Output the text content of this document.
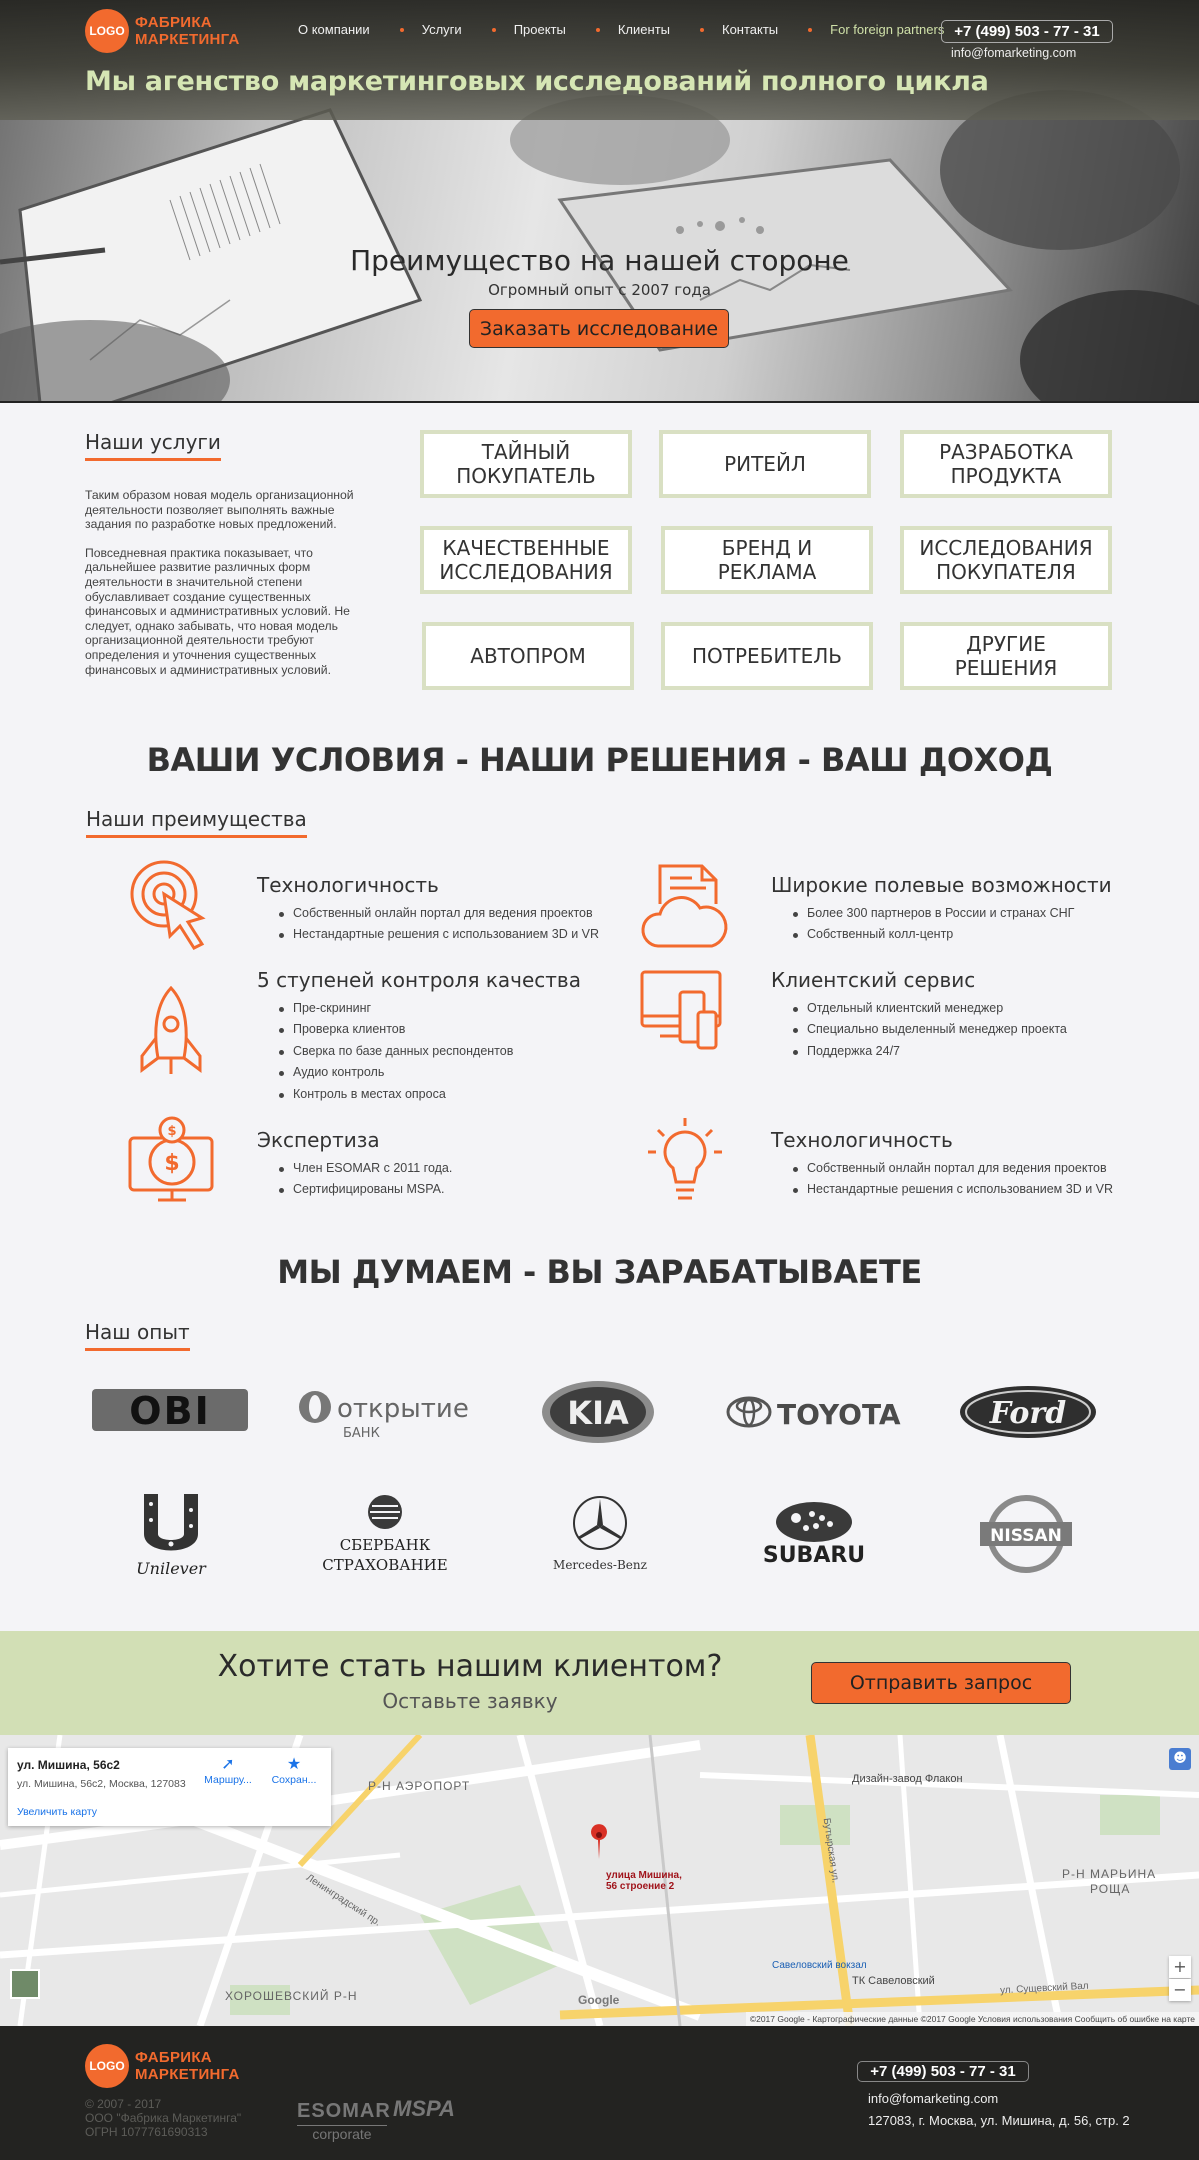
LOGO ФАБРИКА
МАРКЕТИНГА
О компании	Услуги	Проекты	Клиенты	Контакты	For foreign partners +7 (499) 503 - 77 - 31
info@fomarketing.com
Мы агенство маркетинговых исследований полного цикла
Преимущество на нашей стороне
Огромный опыт с 2007 года
Заказать исследование
Наши услуги

Таким образом новая модель организационной деятельности позволяет выполнять важные задания по разработке новых предложений.

Повседневная практика показывает, что дальнейшее развитие различных форм деятельности в значительной степени обуславливает создание существенных финансовых и административных условий. Не следует, однако забывать, что новая модель организационной деятельности требуют определения и уточнения существенных финансовых и административных условий.

ТАЙНЫЙ
ПОКУПАТЕЛЬ	РИТЕЙЛ	РАЗРАБОТКА
ПРОДУКТА
КАЧЕСТВЕННЫЕ
ИССЛЕДОВАНИЯ
БРЕНД И
РЕКЛАМА
ИССЛЕДОВАНИЯ
ПОКУПАТЕЛЯ
АВТОПРОМ	ПОТРЕБИТЕЛЬ	ДРУГИЕ
РЕШЕНИЯ
ВАШИ УСЛОВИЯ - НАШИ РЕШЕНИЯ - ВАШ ДОХОД
Наши преимущества
$
$
Технологичность
Собственный онлайн портал для ведения проектов
Нестандартные решения с использованием 3D и VR
Широкие полевые возможности
Более 300 партнеров в России и странах СНГ
Собственный колл-центр
5 ступеней контроля качества
Пре-скрининг
Проверка клиентов
Сверка по базе данных респондентов
Аудио контроль
Контроль в местах опроса
Клиентский сервис
Отдельный клиентский менеджер
Специально выделенный менеджер проекта
Поддержка 24/7
Экспертиза
Член ESOMAR с 2011 года.
Сертифицированы MSPA.
Технологичность
Собственный онлайн портал для ведения проектов
Нестандартные решения с использованием 3D и VR
МЫ ДУМАЕМ - ВЫ ЗАРАБАТЫВАЕТЕ
Наш опыт
OBI	открытие
БАНК
KIA	TOYOTA	Ford
Unilever
СБЕРБАНК
СТРАХОВАНИЕ	Mercedes-Benz	SUBARU
NISSAN
Хотите стать нашим клиентом?
Оставьте заявку
Отправить запрос
ул. Мишина, 56с2
ул. Мишина, 56с2, Москва, 127083
Увеличить карту
➚
Маршру...
★
Сохран...	Р-Н АЭРОПОРТ
Р-Н МАРЬИНА
РОЩА
ХОРОШЕВСКИЙ Р-Н
Дизайн-завод Флакон
ТК Савеловский
Савеловский вокзал
Ленинградский пр.
Бутырская ул.
ул. Сущевский Вал
улица Мишина,
56 строение 2
☻
+
−
Google
©2017 Google - Картографические данные ©2017 Google Условия использования Сообщить об ошибке на карте
LOGO ФАБРИКА
МАРКЕТИНГА
© 2007 - 2017
ООО "Фабрика Маркетинга"
ОГРН 1077761690313
ESOMAR
corporate
MSPA
+7 (499) 503 - 77 - 31
info@fomarketing.com
127083, г. Москва, ул. Мишина, д. 56, стр. 2
